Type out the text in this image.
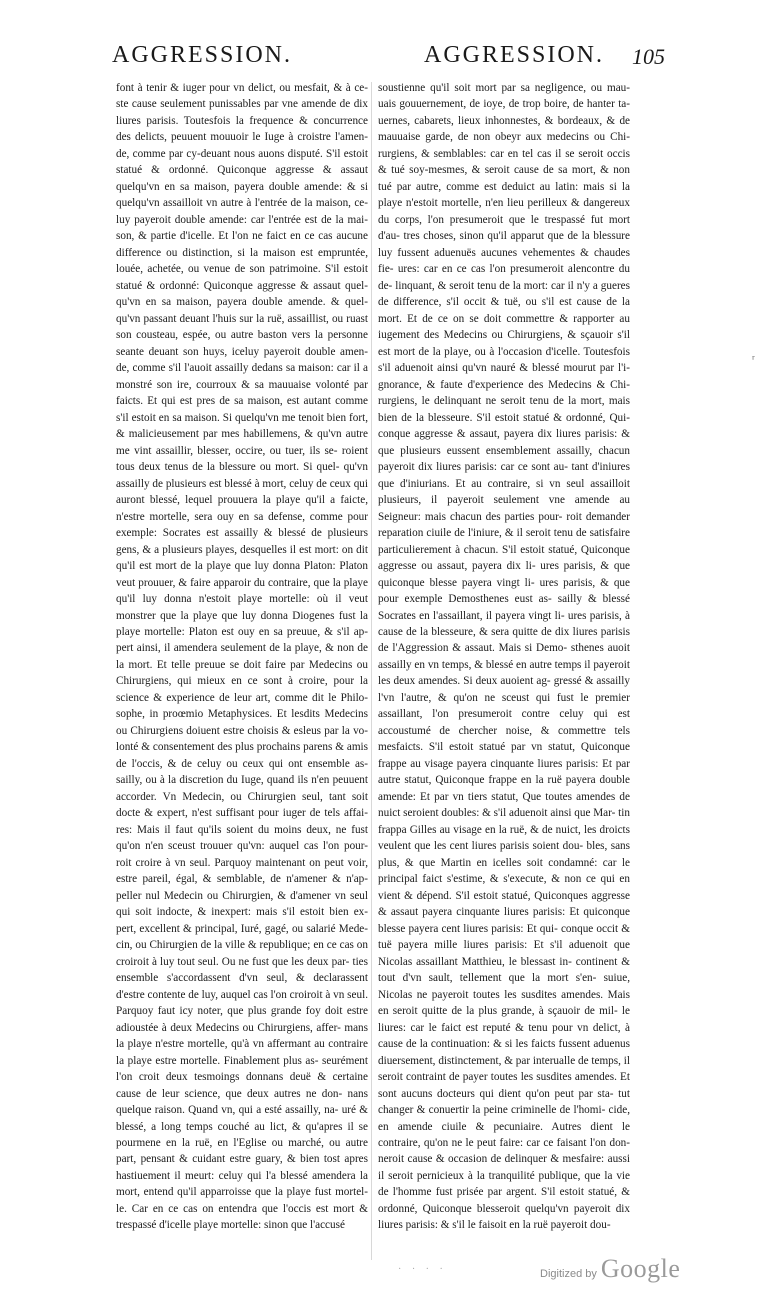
AGGRESSION.	AGGRESSION. 105

font à tenir & iuger pour vn delict, ou mesfait, & à ce- ste cause seulement punissables par vne amende de dix liures parisis. Toutesfois la frequence & concurrence des delicts, peuuent mouuoir le Iuge à croistre l'amen- de, comme par cy-deuant nous auons disputé. S'il estoit statué & ordonné. Quiconque aggresse & assaut quelqu'vn en sa maison, payera double amende: & si quelqu'vn assailloit vn autre à l'entrée de la maison, ce- luy payeroit double amende: car l'entrée est de la mai- son, & partie d'icelle. Et l'on ne faict en ce cas aucune difference ou distinction, si la maison est empruntée, louée, achetée, ou venue de son patrimoine. S'il estoit statué & ordonné: Quiconque aggresse & assaut quel- qu'vn en sa maison, payera double amende. & quel- qu'vn passant deuant l'huis sur la ruë, assaillist, ou ruast son cousteau, espée, ou autre baston vers la personne seante deuant son huys, iceluy payeroit double amen- de, comme s'il l'auoit assailly dedans sa maison: car il a monstré son ire, courroux & sa mauuaise volonté par faicts. Et qui est pres de sa maison, est autant comme s'il estoit en sa maison. Si quelqu'vn me tenoit bien fort, & malicieusement par mes habillemens, & qu'vn autre me vint assaillir, blesser, occire, ou tuer, ils se- roient tous deux tenus de la blessure ou mort. Si quel- qu'vn assailly de plusieurs est blessé à mort, celuy de ceux qui auront blessé, lequel prouuera la playe qu'il a faicte, n'estre mortelle, sera ouy en sa defense, comme pour exemple: Socrates est assailly & blessé de plusieurs gens, & a plusieurs playes, desquelles il est mort: on dit qu'il est mort de la playe que luy donna Platon: Platon veut prouuer, & faire apparoir du contraire, que la playe qu'il luy donna n'estoit playe mortelle: où il veut monstrer que la playe que luy donna Diogenes fust la playe mortelle: Platon est ouy en sa preuue, & s'il ap- pert ainsi, il amendera seulement de la playe, & non de la mort. Et telle preuue se doit faire par Medecins ou Chirurgiens, qui mieux en ce sont à croire, pour la science & experience de leur art, comme dit le Philo- sophe, in proœmio Metaphysices. Et lesdits Medecins ou Chirurgiens doiuent estre choisis & esleus par la vo- lonté & consentement des plus prochains parens & amis de l'occis, & de celuy ou ceux qui ont ensemble as- sailly, ou à la discretion du Iuge, quand ils n'en peuuent accorder. Vn Medecin, ou Chirurgien seul, tant soit docte & expert, n'est suffisant pour iuger de tels affai- res: Mais il faut qu'ils soient du moins deux, ne fust qu'on n'en sceust trouuer qu'vn: auquel cas l'on pour- roit croire à vn seul. Parquoy maintenant on peut voir, estre pareil, égal, & semblable, de n'amener & n'ap- peller nul Medecin ou Chirurgien, & d'amener vn seul qui soit indocte, & inexpert: mais s'il estoit bien ex- pert, excellent & principal, Iuré, gagé, ou salarié Mede- cin, ou Chirurgien de la ville & republique; en ce cas on croiroit à luy tout seul. Ou ne fust que les deux par- ties ensemble s'accordassent d'vn seul, & declarassent d'estre contente de luy, auquel cas l'on croiroit à vn seul. Parquoy faut icy noter, que plus grande foy doit estre adioustée à deux Medecins ou Chirurgiens, affer- mans la playe n'estre mortelle, qu'à vn affermant au contraire la playe estre mortelle. Finablement plus as- seurément l'on croit deux tesmoings donnans deuë & certaine cause de leur science, que deux autres ne don- nans quelque raison. Quand vn, qui a esté assailly, na- uré & blessé, a long temps couché au lict, & qu'apres il se pourmene en la ruë, en l'Eglise ou marché, ou autre part, pensant & cuidant estre guary, & bien tost apres hastiuement il meurt: celuy qui l'a blessé amendera la mort, entend qu'il apparroisse que la playe fust mortel- le. Car en ce cas on entendra que l'occis est mort & trespassé d'icelle playe mortelle: sinon que l'accusé

soustienne qu'il soit mort par sa negligence, ou mau- uais gouuernement, de ioye, de trop boire, de hanter ta- uernes, cabarets, lieux inhonnestes, & bordeaux, & de mauuaise garde, de non obeyr aux medecins ou Chi- rurgiens, & semblables: car en tel cas il se seroit occis & tué soy-mesmes, & seroit cause de sa mort, & non tué par autre, comme est deduict au latin: mais si la playe n'estoit mortelle, n'en lieu perilleux & dangereux du corps, l'on presumeroit que le trespassé fut mort d'au- tres choses, sinon qu'il apparut que de la blessure luy fussent aduenuës aucunes vehementes & chaudes fie- ures: car en ce cas l'on presumeroit alencontre du de- linquant, & seroit tenu de la mort: car il n'y a gueres de difference, s'il occit & tuë, ou s'il est cause de la mort. Et de ce on se doit commettre & rapporter au iugement des Medecins ou Chirurgiens, & sçauoir s'il est mort de la playe, ou à l'occasion d'icelle. Toutesfois s'il aduenoit ainsi qu'vn nauré & blessé mourut par l'i- gnorance, & faute d'experience des Medecins & Chi- rurgiens, le delinquant ne seroit tenu de la mort, mais bien de la blesseure. S'il estoit statué & ordonné, Qui- conque aggresse & assaut, payera dix liures parisis: & que plusieurs eussent ensemblement assailly, chacun payeroit dix liures parisis: car ce sont au- tant d'iniures que d'iniurians. Et au contraire, si vn seul assailloit plusieurs, il payeroit seulement vne amende au Seigneur: mais chacun des parties pour- roit demander reparation ciuile de l'iniure, & il seroit tenu de satisfaire particulierement à chacun. S'il estoit statué, Quiconque aggresse ou assaut, payera dix li- ures parisis, & que quiconque blesse payera vingt li- ures parisis, & que pour exemple Demosthenes eust as- sailly & blessé Socrates en l'assaillant, il payera vingt li- ures parisis, à cause de la blesseure, & sera quitte de dix liures parisis de l'Aggression & assaut. Mais si Demo- sthenes auoit assailly en vn temps, & blessé en autre temps il payeroit les deux amendes. Si deux auoient ag- gressé & assailly l'vn l'autre, & qu'on ne sceust qui fust le premier assaillant, l'on presumeroit contre celuy qui est accoustumé de chercher noise, & commettre tels mesfaicts. S'il estoit statué par vn statut, Quiconque frappe au visage payera cinquante liures parisis: Et par autre statut, Quiconque frappe en la ruë payera double amende: Et par vn tiers statut, Que toutes amendes de nuict seroient doubles: & s'il aduenoit ainsi que Mar- tin frappa Gilles au visage en la ruë, & de nuict, les droicts veulent que les cent liures parisis soient dou- bles, sans plus, & que Martin en icelles soit condamné: car le principal faict s'estime, & s'execute, & non ce qui en vient & dépend. S'il estoit statué, Quiconques aggresse & assaut payera cinquante liures parisis: Et quiconque blesse payera cent liures parisis: Et qui- conque occit & tuë payera mille liures parisis: Et s'il aduenoit que Nicolas assaillant Matthieu, le blessast in- continent & tout d'vn sault, tellement que la mort s'en- suiue, Nicolas ne payeroit toutes les susdites amendes. Mais en seroit quitte de la plus grande, à sçauoir de mil- le liures: car le faict est reputé & tenu pour vn delict, à cause de la continuation: & si les faicts fussent aduenus diuersement, distinctement, & par interualle de temps, il seroit contraint de payer toutes les susdites amendes. Et sont aucuns docteurs qui dient qu'on peut par sta- tut changer & conuertir la peine criminelle de l'homi- cide, en amende ciuile & pecuniaire. Autres dient le contraire, qu'on ne le peut faire: car ce faisant l'on don- neroit cause & occasion de delinquer & mesfaire: aussi il seroit pernicieux à la tranquilité publique, que la vie de l'homme fust prisée par argent. S'il estoit statué, & ordonné, Quiconque blesseroit quelqu'vn payeroit dix liures parisis: & s'il le faisoit en la ruë payeroit dou-

ʳ
· · · ·	Digitized by Google
